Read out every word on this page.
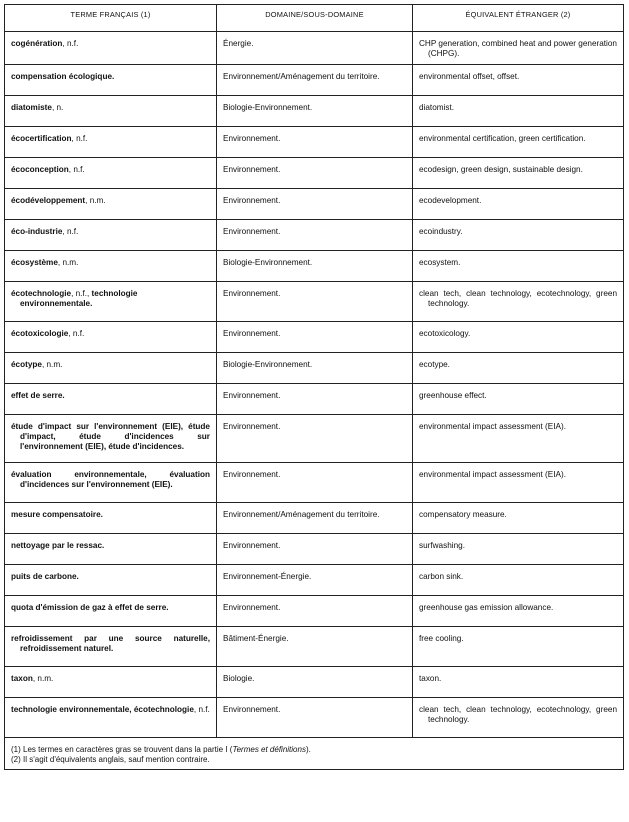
TERME FRANÇAIS (1)	DOMAINE/SOUS-DOMAINE	ÉQUIVALENT ÉTRANGER (2)

cogénération, n.f.	Énergie.	CHP generation, combined heat and power generation (CHPG).

compensation écologique.	Environnement/Aménagement du territoire.	environmental offset, offset.

diatomiste, n.	Biologie-Environnement.	diatomist.

écocertification, n.f.	Environnement.	environmental certification, green certification.

écoconception, n.f.	Environnement.	ecodesign, green design, sustainable design.

écodéveloppement, n.m.	Environnement.	ecodevelopment.

éco-industrie, n.f.	Environnement.	ecoindustry.

écosystème, n.m.	Biologie-Environnement.	ecosystem.

écotechnologie, n.f., technologie environnementale.	Environnement.	clean tech, clean technology, ecotechnology, green technology.

écotoxicologie, n.f.	Environnement.	ecotoxicology.

écotype, n.m.	Biologie-Environnement.	ecotype.

effet de serre.	Environnement.	greenhouse effect.

étude d'impact sur l'environnement (EIE), étude d'impact, étude d'incidences sur l'environnement (EIE), étude d'incidences.	Environnement.	environmental impact assessment (EIA).

évaluation environnementale, évaluation d'incidences sur l'environnement (EIE).	Environnement.	environmental impact assessment (EIA).

mesure compensatoire.	Environnement/Aménagement du territoire.	compensatory measure.

nettoyage par le ressac.	Environnement.	surfwashing.

puits de carbone.	Environnement-Énergie.	carbon sink.

quota d'émission de gaz à effet de serre.	Environnement.	greenhouse gas emission allowance.

refroidissement par une source naturelle, refroidissement naturel.	Bâtiment-Énergie.	free cooling.

taxon, n.m.	Biologie.	taxon.

technologie environnementale, écotechnologie, n.f.	Environnement.	clean tech, clean technology, ecotechnology, green technology.

(1) Les termes en caractères gras se trouvent dans la partie I (Termes et définitions).
(2) Il s'agit d'équivalents anglais, sauf mention contraire.		
